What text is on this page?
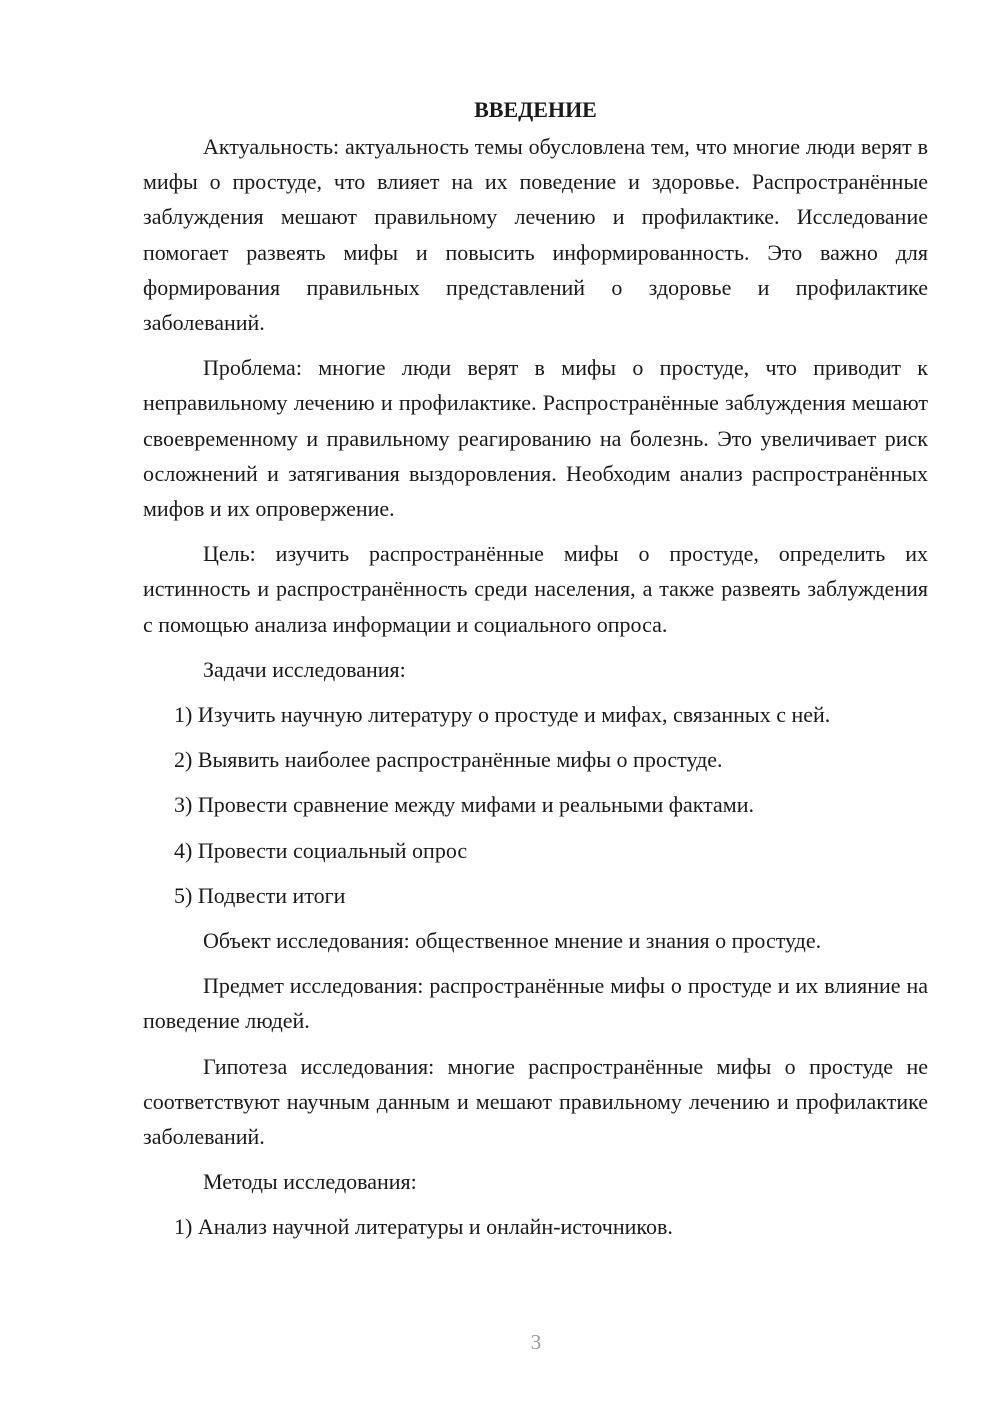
ВВЕДЕНИЕ

Актуальность: актуальность темы обусловлена тем, что многие люди верят в мифы о простуде, что влияет на их поведение и здоровье. Распространённые заблуждения мешают правильному лечению и профилактике. Исследование помогает развеять мифы и повысить информированность. Это важно для формирования правильных представлений о здоровье и профилактике заболеваний.

Проблема: многие люди верят в мифы о простуде, что приводит к неправильному лечению и профилактике. Распространённые заблуждения мешают своевременному и правильному реагированию на болезнь. Это увеличивает риск осложнений и затягивания выздоровления. Необходим анализ распространённых мифов и их опровержение.

Цель: изучить распространённые мифы о простуде, определить их истинность и распространённость среди населения, а также развеять заблуждения с помощью анализа информации и социального опроса.

Задачи исследования:

1) Изучить научную литературу о простуде и мифах, связанных с ней.

2) Выявить наиболее распространённые мифы о простуде.

3) Провести сравнение между мифами и реальными фактами.

4) Провести социальный опрос

5) Подвести итоги

Объект исследования: общественное мнение и знания о простуде.

Предмет исследования: распространённые мифы о простуде и их влияние на поведение людей.

Гипотеза исследования: многие распространённые мифы о простуде не соответствуют научным данным и мешают правильному лечению и профилактике заболеваний.

Методы исследования:

1) Анализ научной литературы и онлайн-источников.

3
